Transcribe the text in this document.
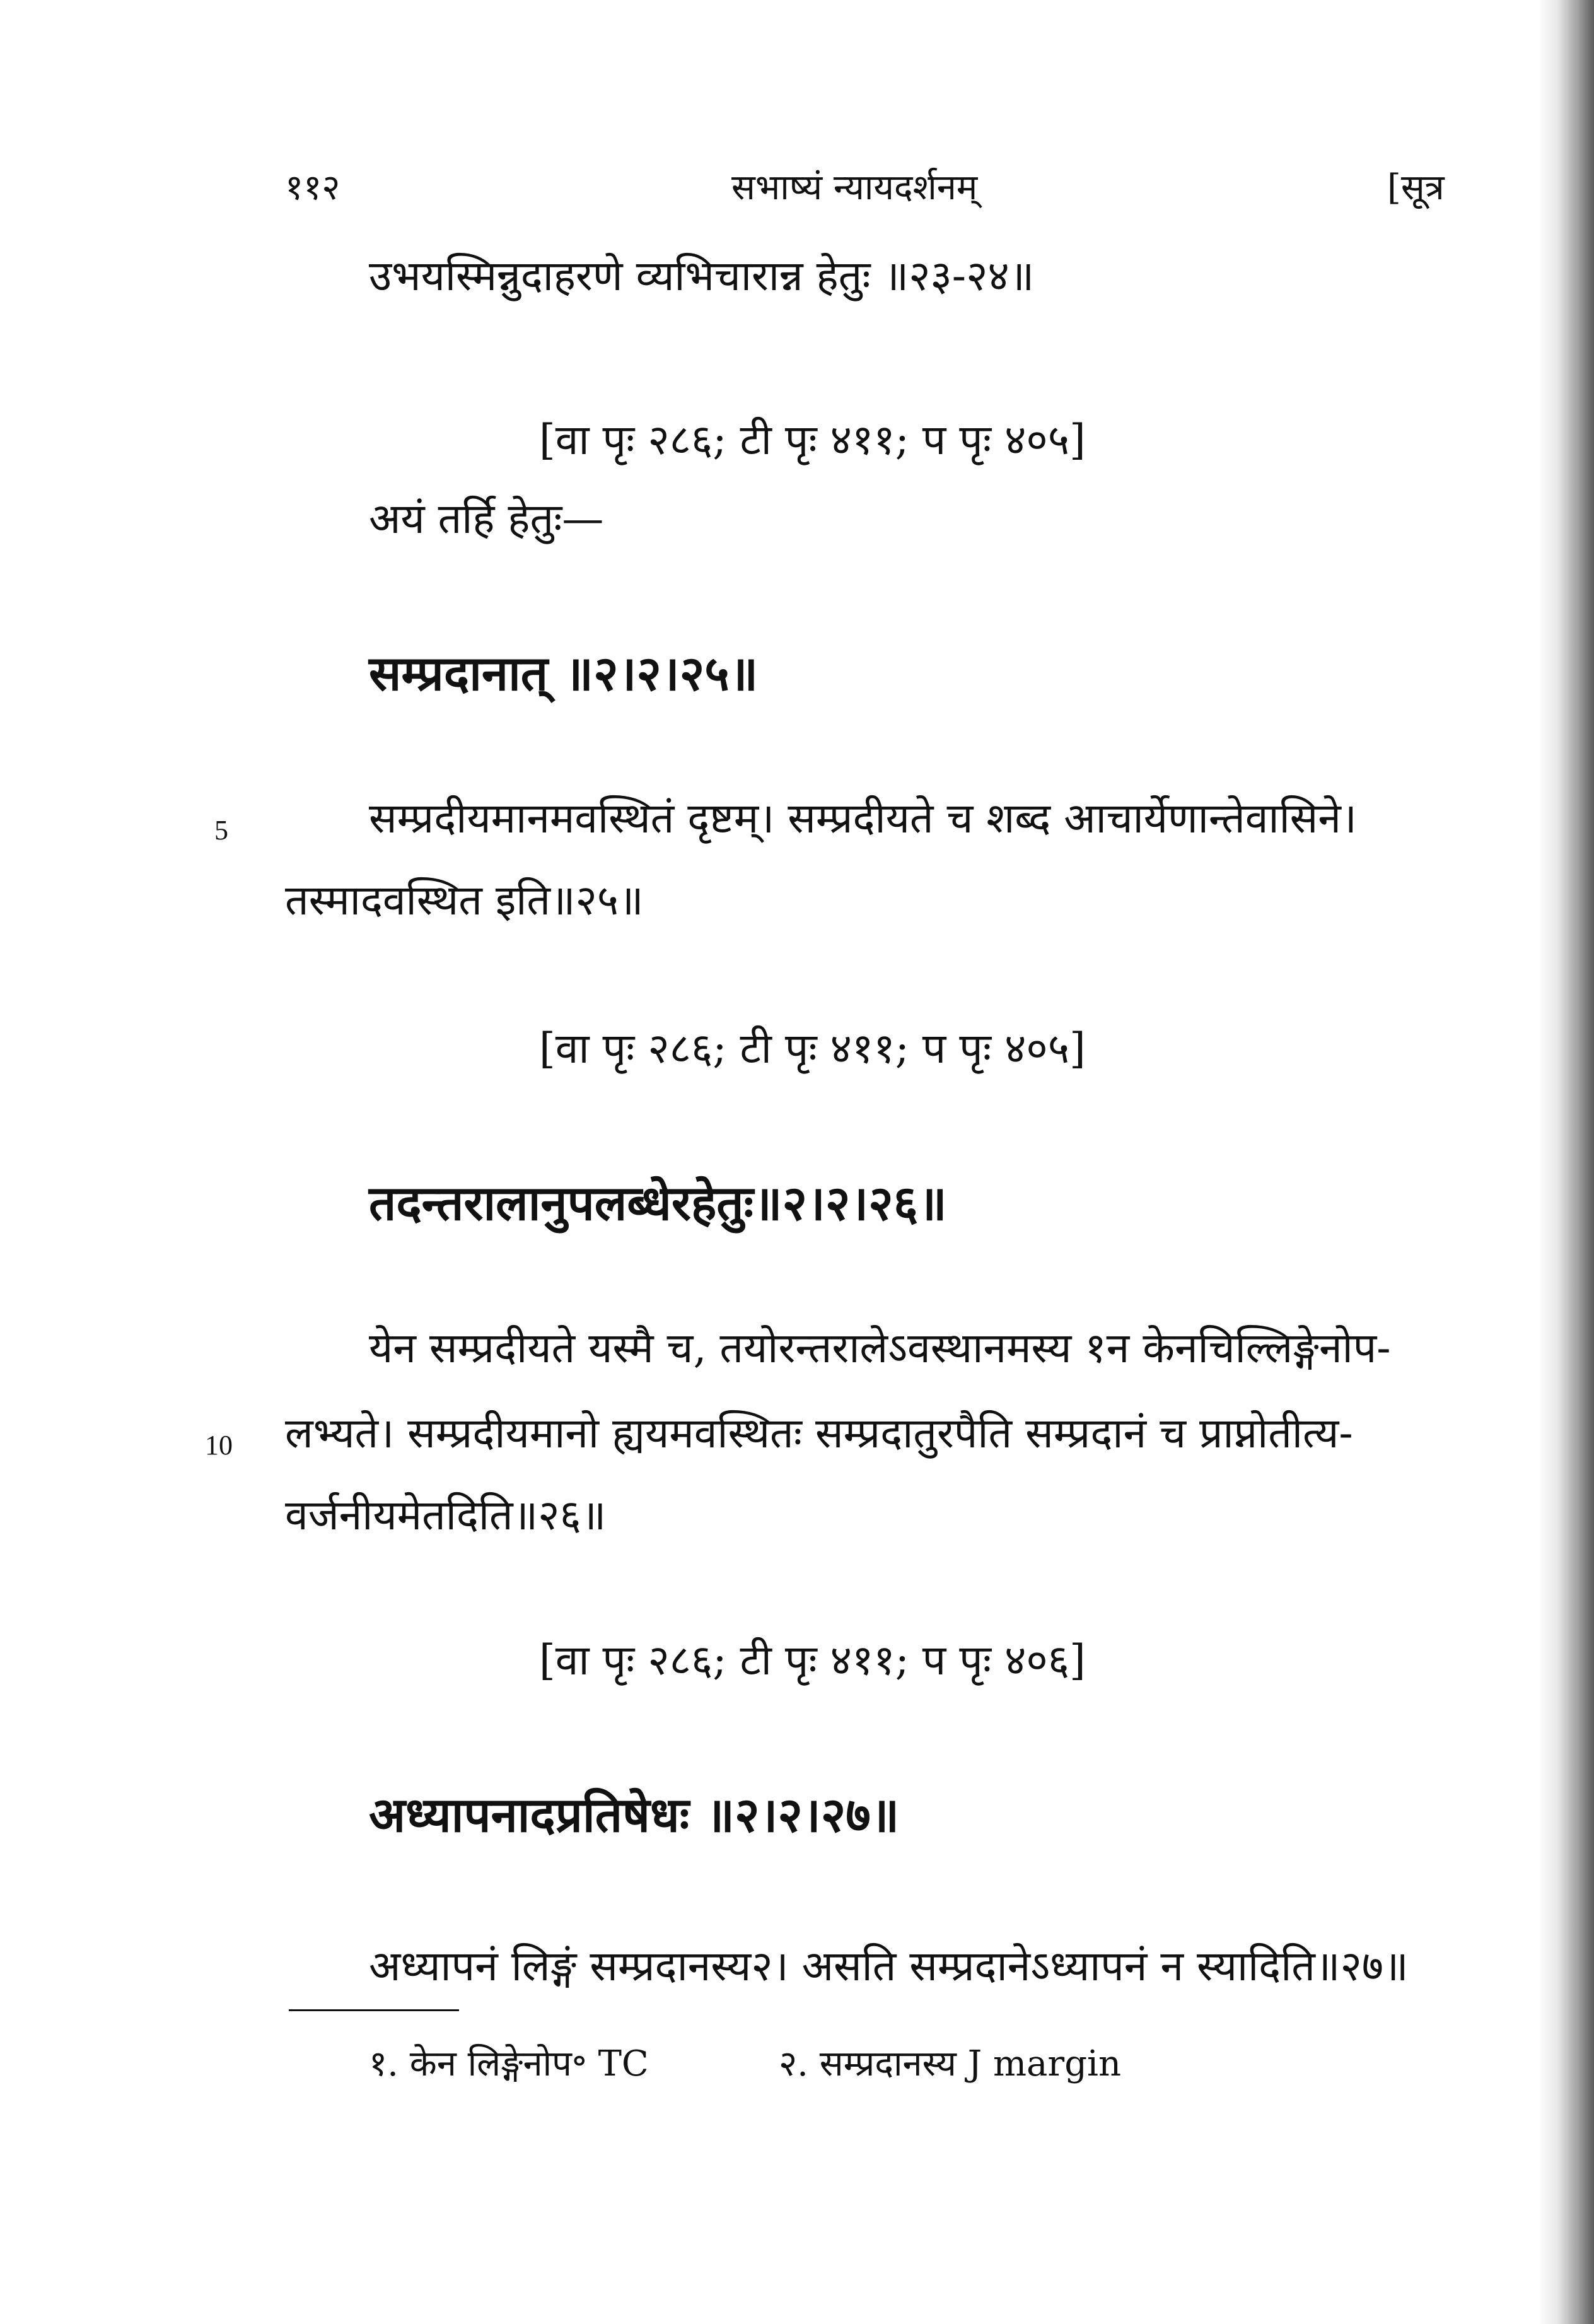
११२	सभाष्यं न्यायदर्शनम्	[सूत्र
उभयस्मिन्नुदाहरणे व्यभिचारान्न हेतुः ॥२३-२४॥
[वा पृः २८६; टी पृः ४११; प पृः ४०५]
अयं तर्हि हेतुः—
सम्प्रदानात् ॥२।२।२५॥
5	सम्प्रदीयमानमवस्थितं दृष्टम्। सम्प्रदीयते च शब्द आचार्येणान्तेवासिने।
तस्मादवस्थित इति॥२५॥
[वा पृः २८६; टी पृः ४११; प पृः ४०५]
तदन्तरालानुपलब्धेरहेतुः॥२।२।२६॥
येन सम्प्रदीयते यस्मै च, तयोरन्तरालेऽवस्थानमस्य १न केनचिल्लिङ्गेनोप-
10 लभ्यते। सम्प्रदीयमानो ह्ययमवस्थितः सम्प्रदातुरपैति सम्प्रदानं च प्राप्नोतीत्य-
वर्जनीयमेतदिति॥२६॥
[वा पृः २८६; टी पृः ४११; प पृः ४०६]
अध्यापनादप्रतिषेधः ॥२।२।२७॥
अध्यापनं लिङ्गं सम्प्रदानस्य२। असति सम्प्रदानेऽध्यापनं न स्यादिति॥२७॥
१. केन लिङ्गेनोप॰ TC	२. सम्प्रदानस्य J margin
